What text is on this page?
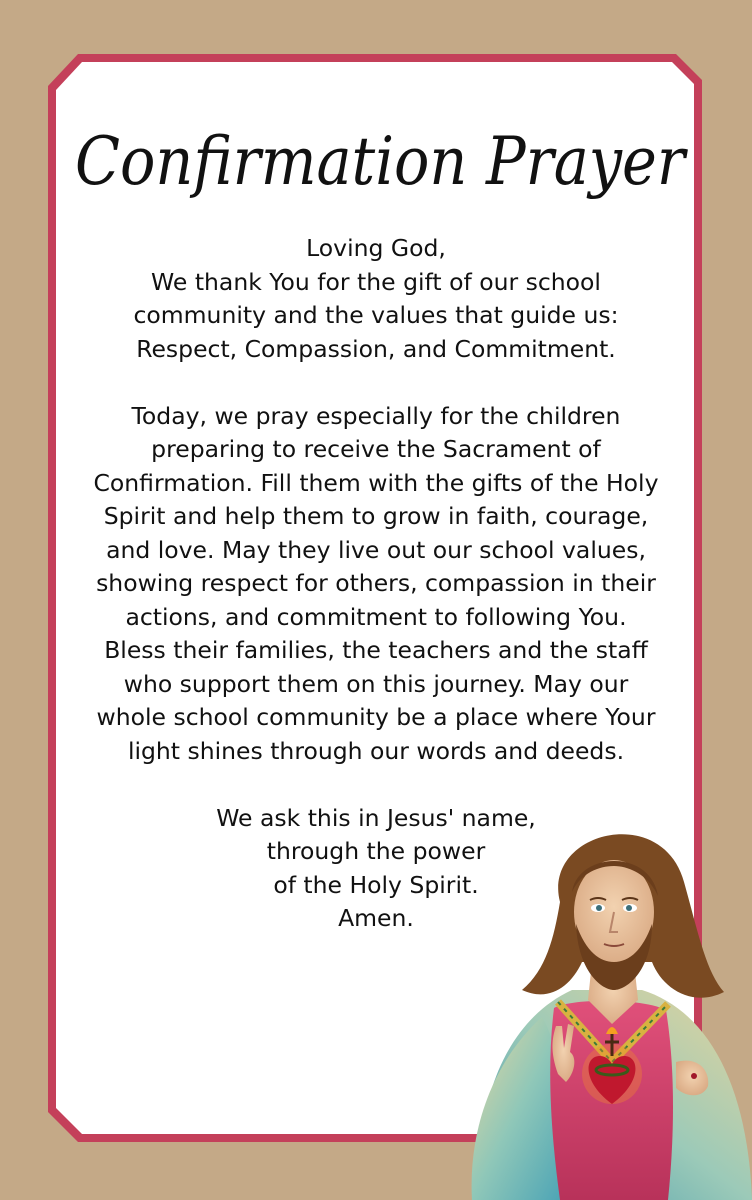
Confirmation Prayer
Loving God,
We thank You for the gift of our school
community and the values that guide us:
Respect, Compassion, and Commitment.
Today, we pray especially for the children
preparing to receive the Sacrament of
Confirmation. Fill them with the gifts of the Holy
Spirit and help them to grow in faith, courage,
and love. May they live out our school values,
showing respect for others, compassion in their
actions, and commitment to following You.
Bless their families, the teachers and the staff
who support them on this journey. May our
whole school community be a place where Your
light shines through our words and deeds.
We ask this in Jesus' name,
through the power
of the Holy Spirit.
Amen.
